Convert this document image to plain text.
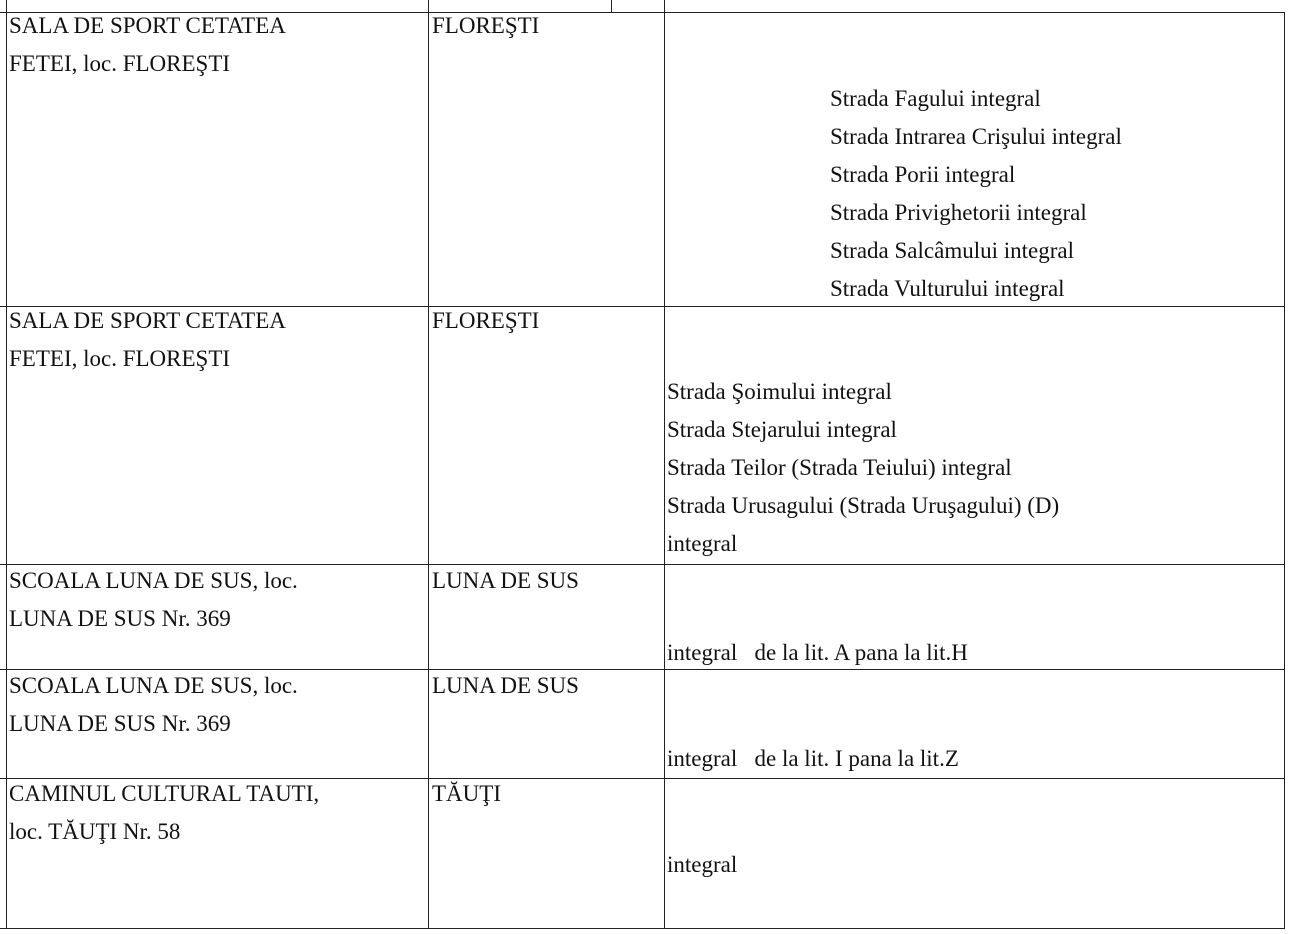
SALA DE SPORT CETATEA
FETEI, loc. FLOREŞTI
FLOREŞTI
Strada Fagului integral
Strada Intrarea Crişului integral
Strada Porii integral
Strada Privighetorii integral
Strada Salcâmului integral
Strada Vulturului integral
SALA DE SPORT CETATEA
FETEI, loc. FLOREŞTI
FLOREŞTI
Strada Şoimului integral
Strada Stejarului integral
Strada Teilor (Strada Teiului) integral
Strada Urusagului (Strada Uruşagului) (D)
integral
SCOALA LUNA DE SUS, loc.
LUNA DE SUS Nr. 369
LUNA DE SUS
integral   de la lit. A pana la lit.H
SCOALA LUNA DE SUS, loc.
LUNA DE SUS Nr. 369
LUNA DE SUS
integral   de la lit. I pana la lit.Z
CAMINUL CULTURAL TAUTI,
loc. TĂUŢI Nr. 58
TĂUŢI
integral
